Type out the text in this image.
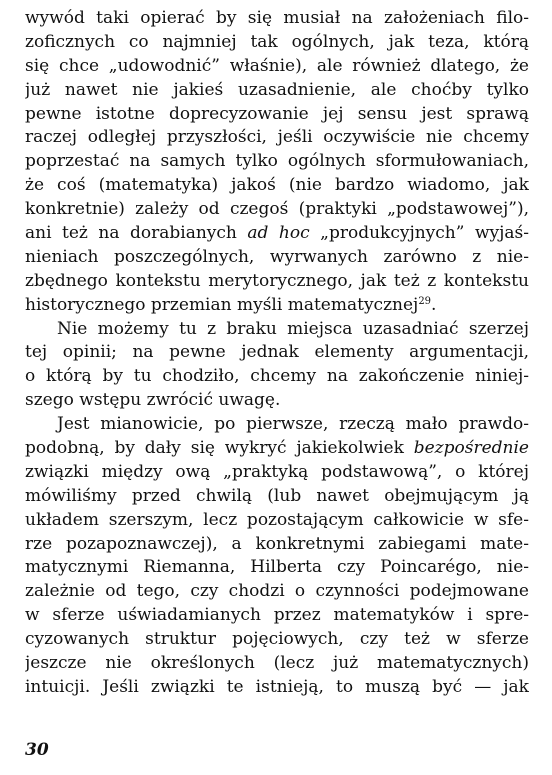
wywód taki opierać by się musiał na założeniach filo-
zoficznych co najmniej tak ogólnych, jak teza, którą
się chce „udowodnić” właśnie), ale również dlatego, że
już nawet nie jakieś uzasadnienie, ale choćby tylko
pewne istotne doprecyzowanie jej sensu jest sprawą
raczej odległej przyszłości, jeśli oczywiście nie chcemy
poprzestać na samych tylko ogólnych sformułowaniach,
że coś (matematyka) jakoś (nie bardzo wiadomo, jak
konkretnie) zależy od czegoś (praktyki „podstawowej”),
ani też na dorabianych ad hoc „produkcyjnych” wyjaś-
nieniach poszczególnych, wyrwanych zarówno z nie-
zbędnego kontekstu merytorycznego, jak też z kontekstu
historycznego przemian myśli matematycznej$^{29}$.
Nie możemy tu z braku miejsca uzasadniać szerzej
tej opinii; na pewne jednak elementy argumentacji,
o którą by tu chodziło, chcemy na zakończenie niniej-
szego wstępu zwrócić uwagę.
Jest mianowicie, po pierwsze, rzeczą mało prawdo-
podobną, by dały się wykryć jakiekolwiek bezpośrednie
związki między ową „praktyką podstawową”, o której
mówiliśmy przed chwilą (lub nawet obejmującym ją
układem szerszym, lecz pozostającym całkowicie w sfe-
rze pozapoznawczej), a konkretnymi zabiegami mate-
matycznymi Riemanna, Hilberta czy Poincarégo, nie-
zależnie od tego, czy chodzi o czynności podejmowane
w sferze uświadamianych przez matematyków i spre-
cyzowanych struktur pojęciowych, czy też w sferze
jeszcze nie określonych (lecz już matematycznych)
intuicji. Jeśli związki te istnieją, to muszą być — jak
30
